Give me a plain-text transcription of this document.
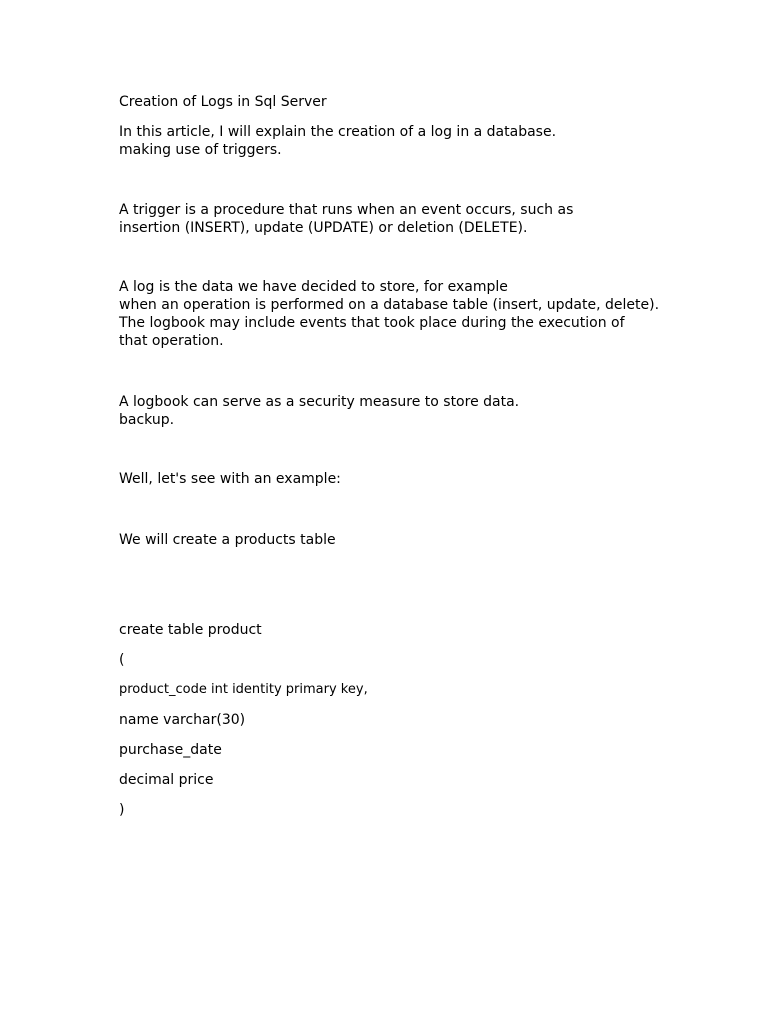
Creation of Logs in Sql Server

In this article, I will explain the creation of a log in a database.

making use of triggers.

A trigger is a procedure that runs when an event occurs, such as

insertion (INSERT), update (UPDATE) or deletion (DELETE).

A log is the data we have decided to store, for example

when an operation is performed on a database table (insert, update, delete).

The logbook may include events that took place during the execution of

that operation.

A logbook can serve as a security measure to store data.

backup.

Well, let's see with an example:

We will create a products table

create table product

(

product_code int identity primary key,

name varchar(30)

purchase_date

decimal price

)
